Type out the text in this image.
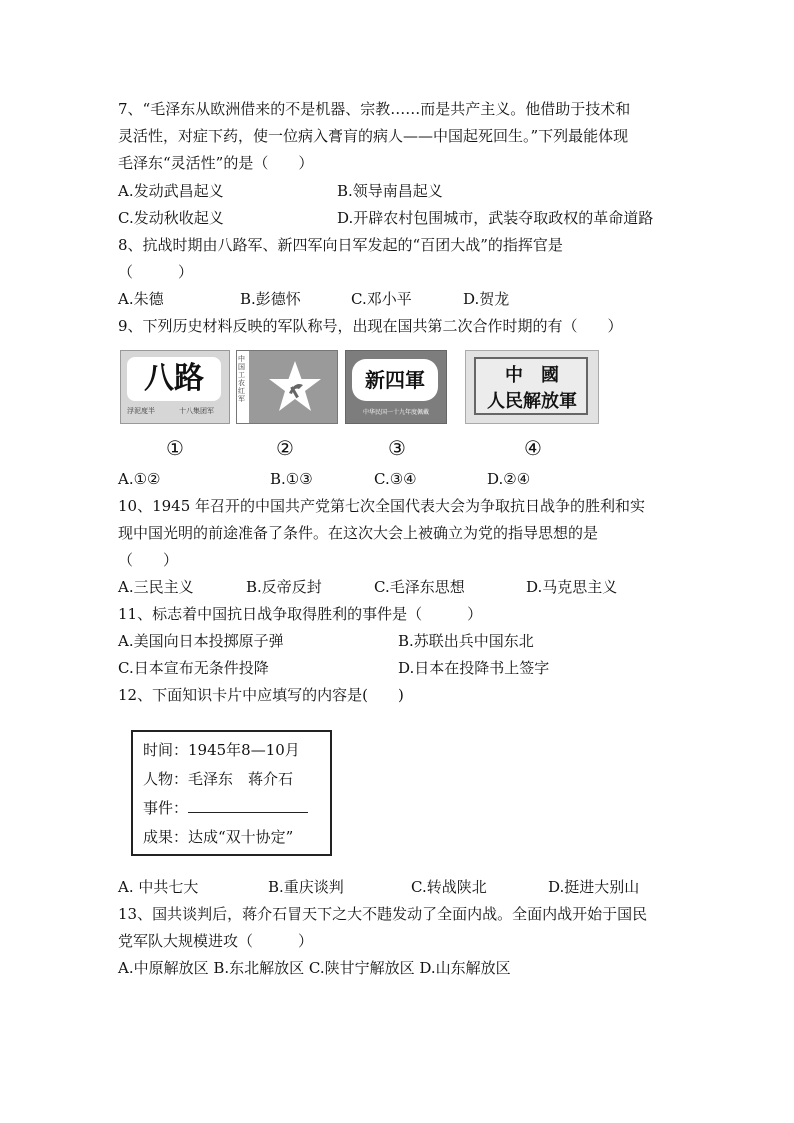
7、“毛泽东从欧洲借来的不是机器、宗教……而是共产主义。他借助于技术和
灵活性，对症下药，使一位病入膏肓的病人——中国起死回生。”下列最能体现
毛泽东“灵活性”的是（　　）
A.发动武昌起义	B.领导南昌起义
C.发动秋收起义	D.开辟农村包围城市，武装夺取政权的革命道路
8、抗战时期由八路军、新四军向日军发起的“百团大战”的指挥官是
（　　　）
A.朱德	B.彭德怀	C.邓小平	D.贺龙
9、下列历史材料反映的军队称号，出现在国共第二次合作时期的有（　　）
八路
浮泥度半	十八集团军
中国工农红军
新四軍
中华民国一十九年度佩戴
中　國
人民解放軍
①	②	③	④
A.①②	B.①③	C.③④	D.②④
10、1945 年召开的中国共产党第七次全国代表大会为争取抗日战争的胜利和实
现中国光明的前途准备了条件。在这次大会上被确立为党的指导思想的是
（　　）
A.三民主义	B.反帝反封	C.毛泽东思想	D.马克思主义
11、标志着中国抗日战争取得胜利的事件是（　　　）
A.美国向日本投掷原子弹	B.苏联出兵中国东北
C.日本宣布无条件投降	D.日本在投降书上签字
12、下面知识卡片中应填写的内容是(　　)
时间：1945年8—10月
人物：毛泽东　蒋介石
事件：
成果：达成“双十协定”
A. 中共七大	B.重庆谈判	C.转战陕北	D.挺进大别山
13、国共谈判后，蒋介石冒天下之大不韪发动了全面内战。全面内战开始于国民
党军队大规模进攻（　　　）
A.中原解放区 B.东北解放区 C.陕甘宁解放区 D.山东解放区
